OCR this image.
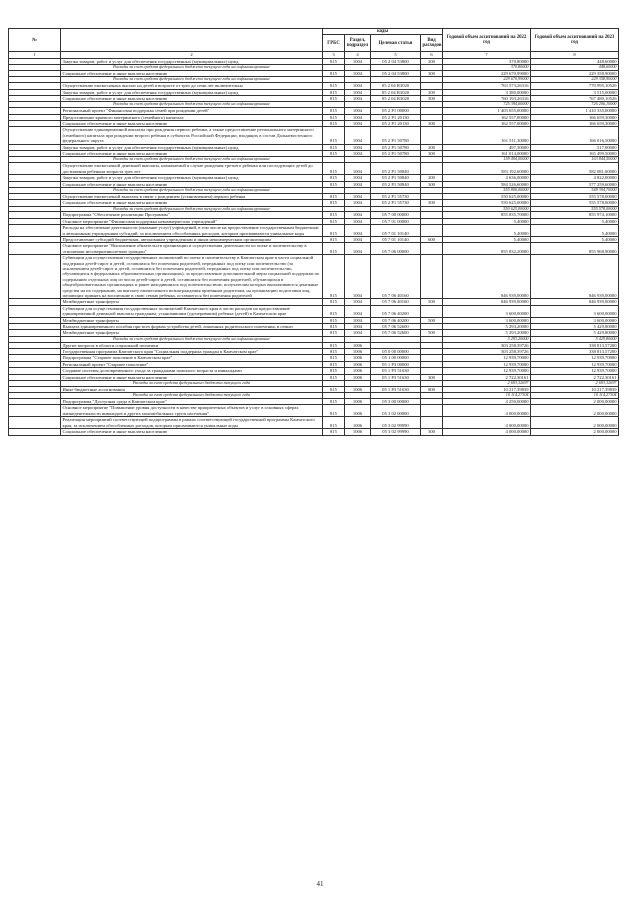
№		коды				Годовой объем ассигнований на 2022 год	Годовой объем ассигнований на 2023 год
		ГРБС	Раздел, подраздел	Целевая статья	Вид расходов		
1	2	3	4	5	6	7	8
	Закупка товаров, работ и услуг для обеспечения государственных (муниципальных) нужд	815	1004	05 2 04 53800	200	370,80000	448,60000
	Расходы за счет средств федерального бюджета текущего года на софинансирование					370,80000	448,60000
	Социальное обеспечение и иные выплаты населению	815	1004	05 2 04 53800	300	229 670,99000	229 358,90000
	Расходы за счет средств федерального бюджета текущего года на софинансирование					229 670,99000	229 358,90000
	Осуществление ежемесячных выплат на детей в возрасте от трех до семи лет включительно	815	1004	05 2 04 R3020		763 573,26316	770 995,10526
	Закупка товаров, работ и услуг для обеспечения государственных (муниципальных) нужд	815	1004	05 2 04 R3020	200	3 380,00000	3 515,00000
	Социальное обеспечение и иные выплаты населению	815	1004	05 2 04 R3020	300	760 193,26316	767 480,10526
	Расходы за счет средств федерального бюджета текущего года на софинансирование					725 394,60000	726 206,10000
	Региональный проект "Финансовая поддержка семей при рождении детей"	815	1004	05 2 P1 00000		1 403 655,00000	1 410 335,00000
	Предоставление краевого материнского (семейного) капитала	815	1004	05 2 P1 20130		162 557,00000	166 659,30000
	Социальное обеспечение и иные выплаты населению	815	1004	05 2 P1 20130	300	162 557,00000	166 659,30000
	Осуществление единовременной выплаты при рождении первого ребенка, а также предоставление регионального материнского (семейного) капитала при рождении второго ребенка в субъектах Российской Федерации, входящих в состав Дальневосточного федерального округа	815	1004	05 2 P1 50780		161 511,30000	166 016,50000
	Закупка товаров, работ и услуг для обеспечения государственных (муниципальных) нужд	815	1004	05 2 P1 50780	200	497,30000	517,00000
	Социальное обеспечение и иные выплаты населению	815	1004	05 2 P1 50780	300	161 014,00000	165 499,50000
	Расходы за счет средств федерального бюджета текущего года на софинансирование					159 494,00000	163 844,50000
	Осуществление ежемесячной денежной выплаты, назначаемой в случае рождения третьего ребенка или последующих детей до достижения ребенком возраста трех лет	815	1004	05 2 P1 50840		583 192,60000	582 081,60000
	Закупка товаров, работ и услуг для обеспечения государственных (муниципальных) нужд	815	1004	05 2 P1 50840	200	4 636,00000	4 822,00000
	Социальное обеспечение и иные выплаты населению	815	1004	05 2 P1 50840	300	584 526,60000	577 259,60000
	Расходы за счет средств федерального бюджета текущего года на софинансирование					555 800,00000	548 394,70000
	Осуществление ежемесячной выплаты в связи с рождением (усыновлением) первого ребенка	815	1004	05 2 P1 55730		550 625,00000	555 578,00000
	Социальное обеспечение и иные выплаты населению	815	1004	05 2 P1 55730	300	550 625,00000	555 578,00000
	Расходы за счет средств федерального бюджета текущего года на софинансирование					550 625,00000	555 578,00000
	Подпрограмма "Обеспечение реализации Программы"	815	1004	05 7 00 00000		855 835,70000	855 974,10000
	Основное мероприятие "Финансовая поддержка некоммерческих учреждений"	815	1004	05 7 01 00000		5,40000	5,40000
	Расходы на обеспечение деятельности (оказание услуг) учреждений, в том числе на предоставление государственным бюджетным и автономным учреждениям субсидий, за исключением обособленных расходов, которым присваиваются уникальные коды	815	1004	05 7 01 10140		5,40000	5,40000
	Предоставление субсидий бюджетным, автономным учреждениям и иным некоммерческим организациям	815	1004	05 7 01 10140	600	5,40000	5,40000
	Основное мероприятие "Выполнение обязательств организации и осуществления деятельности по опеке и попечительству в отношении несовершеннолетних граждан"	815	1004	05 7 06 00000		855 832,20000	855 968,90000
	Субвенции для осуществления государственных полномочий по опеке и попечительству в Камчатском крае в части социальной поддержки детей-сирот и детей, оставшихся без попечения родителей, переданных под опеку или попечительство (за исключением детей-сирот и детей, оставшихся без попечения родителей, переданных под опеку или попечительство, обучающихся в федеральных образовательных организациях), за предоставление дополнительной меры социальной поддержки по содержанию отдельных лиц из числа детей-сирот и детей, оставшихся без попечения родителей, обучающихся в общеобразовательных организациях и ранее находившихся под попечительством, получателям которых выплачиваются денежные средства на их содержание, на выплату ежемесячного вознаграждения приемным родителям, на организацию подготовки лиц, желающих принять на воспитание в свою семью ребенка, оставшегося без попечения родителей	815	1004	05 7 06 40160		846 939,00000	846 939,00000
	Межбюджетные трансферты	815	1004	05 7 06 40160	500	846 939,00000	846 939,00000
	Субвенции для осуществления государственных полномочий Камчатского края в части расходов на предоставление единовременной денежной выплаты гражданам, усыновившим (удочерившим) ребенка (детей) в Камчатском крае	815	1004	05 7 06 40200		3 600,00000	3 600,00000
	Межбюджетные трансферты	815	1004	05 7 06 40200	500	3 600,00000	3 600,00000
	Выплата единовременного пособия при всех формах устройства детей, лишенных родительского попечения, в семью	815	1004	05 7 06 52600		5 293,20000	5 429,80000
	Межбюджетные трансферты	815	1004	05 7 06 52600	500	5 293,20000	5 429,80000
	Расходы за счет средств федерального бюджета текущего года на софинансирование					5 293,20000	5 429,80000
	Другие вопросы в области социальной политики	815	1006			303 258,39726	338 813,57200
	Государственная программа Камчатского края "Социальная поддержка граждан в Камчатском крае"	815	1006	05 0 00 00000		303 258,39726	338 813,57200
	Подпрограмма "Старшее поколение в Камчатском крае"	815	1006	05 1 00 00000		12 939,70000	12 939,70000
	Региональный проект "Старшее поколение"	815	1006	05 1 P3 00000		12 939,70000	12 939,70000
	Создание системы долговременного ухода за гражданами пожилого возраста и инвалидами	815	1006	05 1 P3 51630		12 939,70000	12 939,70000
	Социальное обеспечение и иные выплаты населению	815	1006	05 1 P3 51630	300	2 722,30161	2 722,30161
	Расходы за счет средств федерального бюджета текущего года					2 693,32697	2 693,32697
	Иные бюджетные ассигнования	815	1006	05 1 P3 51630	800	10 217,39839	10 217,39839
	Расходы за счет средств федерального бюджета текущего года					10 114,27304	10 114,27304
	Подпрограмма "Доступная среда в Камчатском крае"	815	1006	05 3 00 00000		4 250,00000	2 000,00000
	Основное мероприятие "Повышение уровня доступности в качестве приоритетных объектов и услуг в основных сферах жизнедеятельности инвалидов и других маломобильных групп населения"	815	1006	05 3 02 00000		4 000,00000	2 000,00000
	Реализация мероприятий соответствующей подпрограммы в рамках соответствующей государственной программы Камчатского края, за исключением обособленных расходов, которым присваиваются уникальные коды	815	1006	05 3 02 99990		4 000,00000	2 000,00000
	Социальное обеспечение и иные выплаты населению	815	1006	05 3 02 99990	300	4 000,00000	2 000,00000
41
